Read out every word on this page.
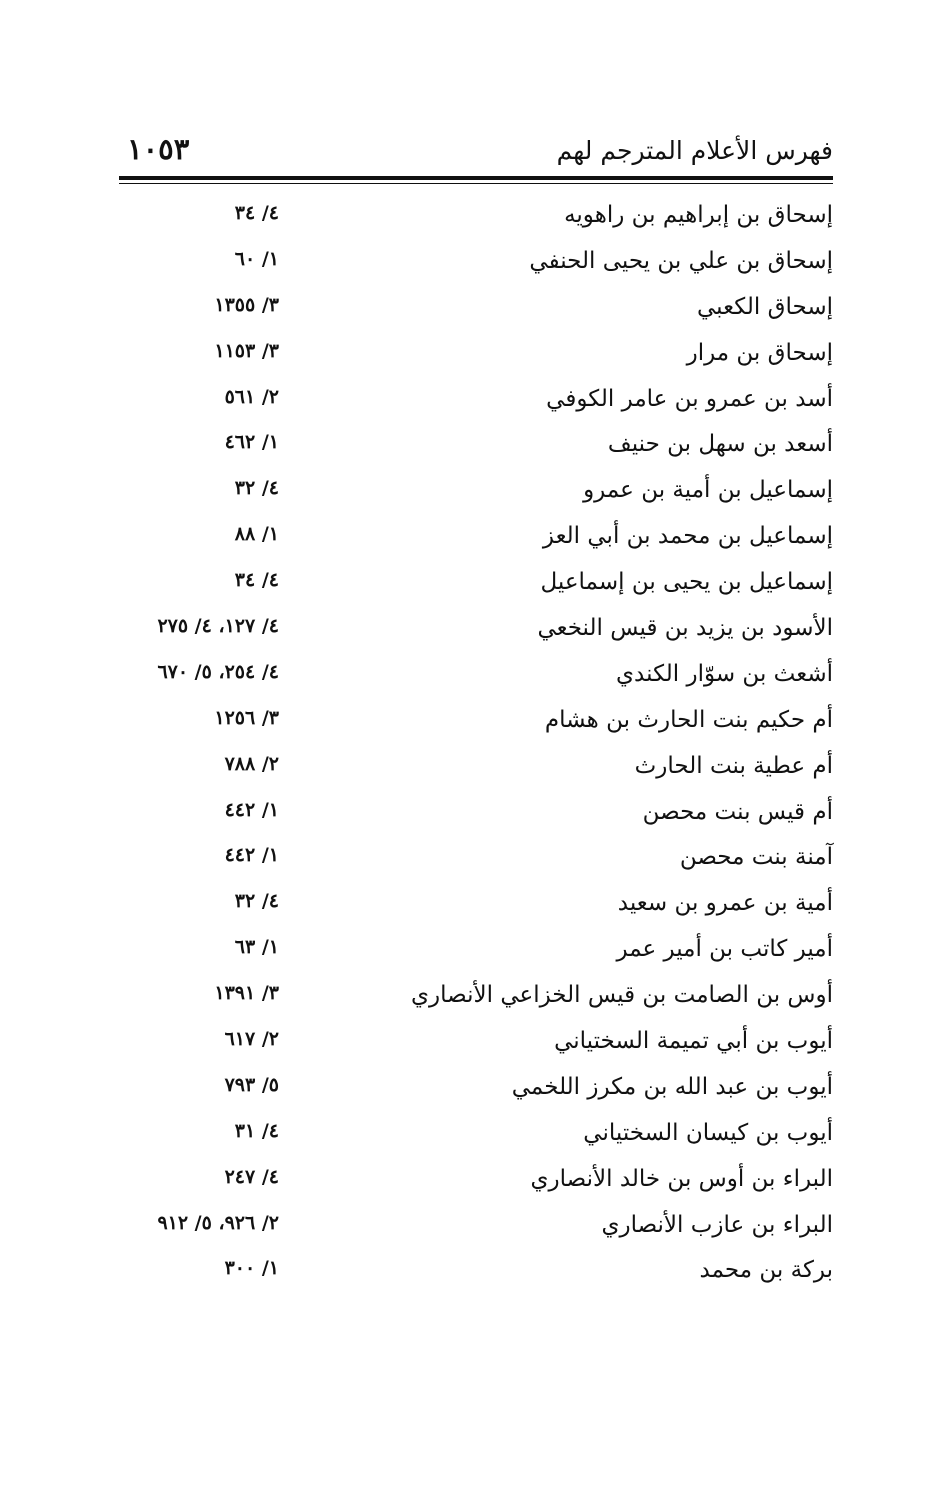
فهرس الأعلام المترجم لهم
١٠٥٣
إسحاق بن إبراهيم بن راهويه
٤/ ٣٤
إسحاق بن علي بن يحيى الحنفي
١/ ٦٠
إسحاق الكعبي
٣/ ١٣٥٥
إسحاق بن مرار
٣/ ١١٥٣
أسد بن عمرو بن عامر الكوفي
٢/ ٥٦١
أسعد بن سهل بن حنيف
١/ ٤٦٢
إسماعيل بن أمية بن عمرو
٤/ ٣٢
إسماعيل بن محمد بن أبي العز
١/ ٨٨
إسماعيل بن يحيى بن إسماعيل
٤/ ٣٤
الأسود بن يزيد بن قيس النخعي
٤/ ١٢٧، ٤/ ٢٧٥
أشعث بن سوّار الكندي
٤/ ٢٥٤، ٥/ ٦٧٠
أم حكيم بنت الحارث بن هشام
٣/ ١٢٥٦
أم عطية بنت الحارث
٢/ ٧٨٨
أم قيس بنت محصن
١/ ٤٤٢
آمنة بنت محصن
١/ ٤٤٢
أمية بن عمرو بن سعيد
٤/ ٣٢
أمير كاتب بن أمير عمر
١/ ٦٣
أوس بن الصامت بن قيس الخزاعي الأنصاري
٣/ ١٣٩١
أيوب بن أبي تميمة السختياني
٢/ ٦١٧
أيوب بن عبد الله بن مكرز اللخمي
٥/ ٧٩٣
أيوب بن كيسان السختياني
٤/ ٣١
البراء بن أوس بن خالد الأنصاري
٤/ ٢٤٧
البراء بن عازب الأنصاري
٢/ ٩٢٦، ٥/ ٩١٢
بركة بن محمد
١/ ٣٠٠
